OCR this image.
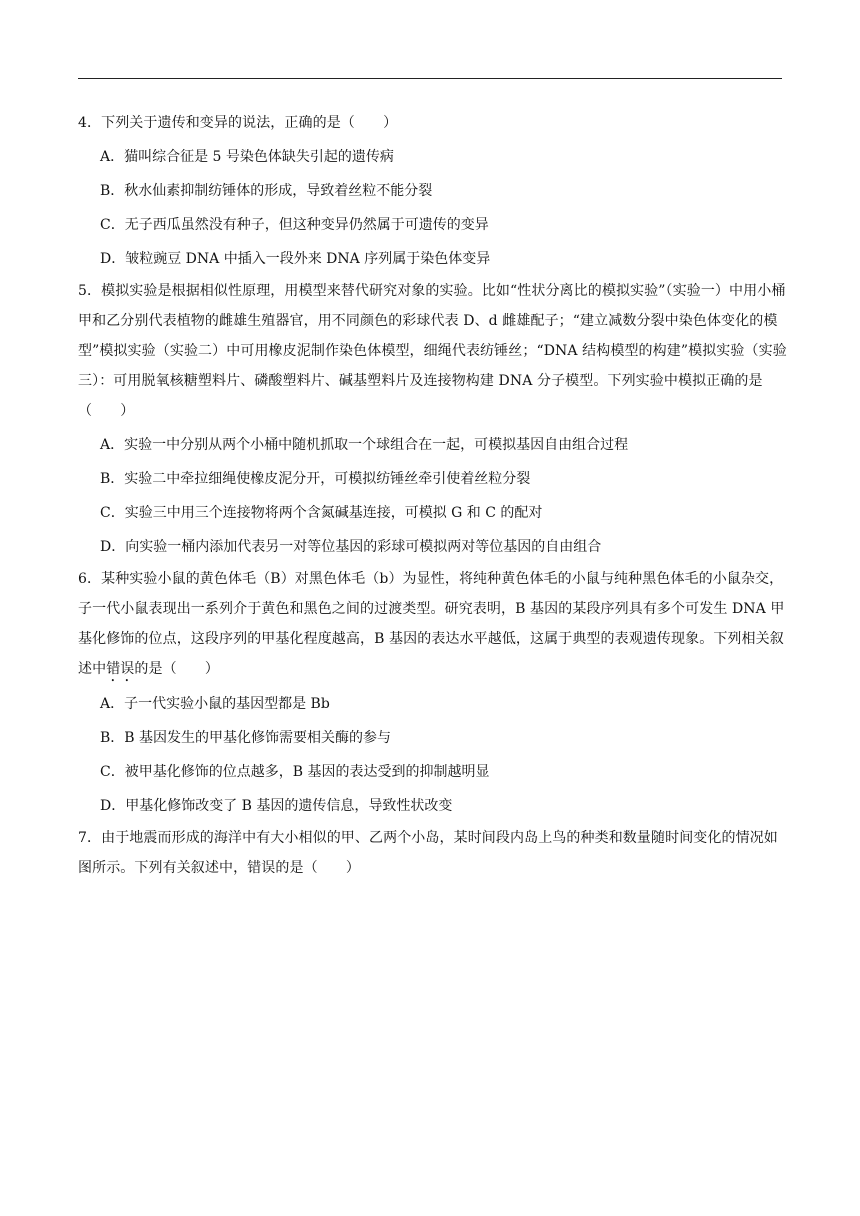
4．下列关于遗传和变异的说法，正确的是（　　）

A．猫叫综合征是 5 号染色体缺失引起的遗传病

B．秋水仙素抑制纺锤体的形成，导致着丝粒不能分裂

C．无子西瓜虽然没有种子，但这种变异仍然属于可遗传的变异

D．皱粒豌豆 DNA 中插入一段外来 DNA 序列属于染色体变异

5．模拟实验是根据相似性原理，用模型来替代研究对象的实验。比如“性状分离比的模拟实验”（实验一）中用小桶甲和乙分别代表植物的雌雄生殖器官，用不同颜色的彩球代表 D、d 雌雄配子；“建立减数分裂中染色体变化的模型”模拟实验（实验二）中可用橡皮泥制作染色体模型，细绳代表纺锤丝；“DNA 结构模型的构建”模拟实验（实验三）：可用脱氧核糖塑料片、磷酸塑料片、碱基塑料片及连接物构建 DNA 分子模型。下列实验中模拟正确的是（　　）

A．实验一中分别从两个小桶中随机抓取一个球组合在一起，可模拟基因自由组合过程

B．实验二中牵拉细绳使橡皮泥分开，可模拟纺锤丝牵引使着丝粒分裂

C．实验三中用三个连接物将两个含氮碱基连接，可模拟 G 和 C 的配对

D．向实验一桶内添加代表另一对等位基因的彩球可模拟两对等位基因的自由组合

6．某种实验小鼠的黄色体毛（B）对黑色体毛（b）为显性，将纯种黄色体毛的小鼠与纯种黑色体毛的小鼠杂交，子一代小鼠表现出一系列介于黄色和黑色之间的过渡类型。研究表明，B 基因的某段序列具有多个可发生 DNA 甲基化修饰的位点，这段序列的甲基化程度越高，B 基因的表达水平越低，这属于典型的表观遗传现象。下列相关叙述中错误的是（　　）

A．子一代实验小鼠的基因型都是 Bb

B．B 基因发生的甲基化修饰需要相关酶的参与

C．被甲基化修饰的位点越多，B 基因的表达受到的抑制越明显

D．甲基化修饰改变了 B 基因的遗传信息，导致性状改变

7．由于地震而形成的海洋中有大小相似的甲、乙两个小岛，某时间段内岛上鸟的种类和数量随时间变化的情况如图所示。下列有关叙述中，错误的是（　　）
